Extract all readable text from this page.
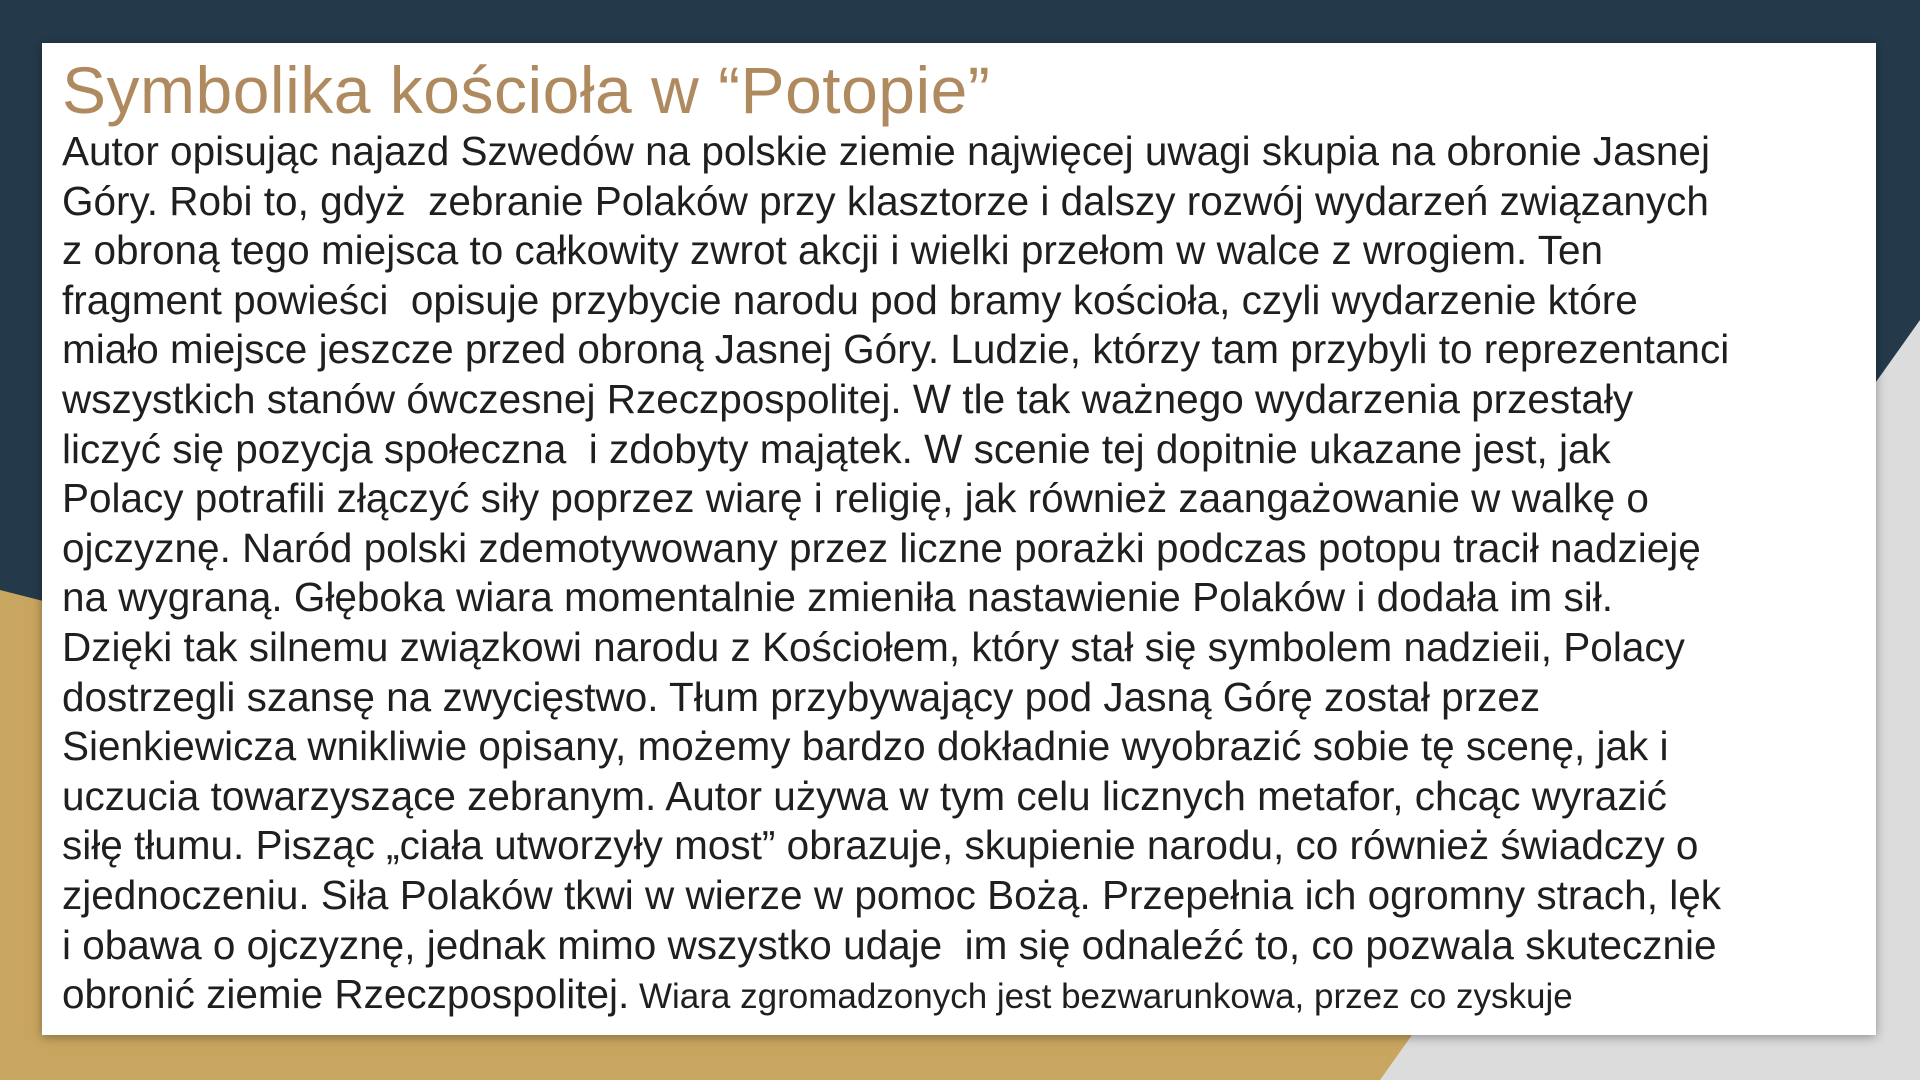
Symbolika kościoła w “Potopie”
Autor opisując najazd Szwedów na polskie ziemie najwięcej uwagi skupia na obronie Jasnej
Góry. Robi to, gdyż  zebranie Polaków przy klasztorze i dalszy rozwój wydarzeń związanych
z obroną tego miejsca to całkowity zwrot akcji i wielki przełom w walce z wrogiem. Ten
fragment powieści  opisuje przybycie narodu pod bramy kościoła, czyli wydarzenie które
miało miejsce jeszcze przed obroną Jasnej Góry. Ludzie, którzy tam przybyli to reprezentanci
wszystkich stanów ówczesnej Rzeczpospolitej. W tle tak ważnego wydarzenia przestały
liczyć się pozycja społeczna  i zdobyty majątek. W scenie tej dopitnie ukazane jest, jak
Polacy potrafili złączyć siły poprzez wiarę i religię, jak również zaangażowanie w walkę o
ojczyznę. Naród polski zdemotywowany przez liczne porażki podczas potopu tracił nadzieję
na wygraną. Głęboka wiara momentalnie zmieniła nastawienie Polaków i dodała im sił.
Dzięki tak silnemu związkowi narodu z Kościołem, który stał się symbolem nadzieii, Polacy
dostrzegli szansę na zwycięstwo. Tłum przybywający pod Jasną Górę został przez
Sienkiewicza wnikliwie opisany, możemy bardzo dokładnie wyobrazić sobie tę scenę, jak i
uczucia towarzyszące zebranym. Autor używa w tym celu licznych metafor, chcąc wyrazić
siłę tłumu. Pisząc „ciała utworzyły most” obrazuje, skupienie narodu, co również świadczy o
zjednoczeniu. Siła Polaków tkwi w wierze w pomoc Bożą. Przepełnia ich ogromny strach, lęk
i obawa o ojczyznę, jednak mimo wszystko udaje  im się odnaleźć to, co pozwala skutecznie
obronić ziemie Rzeczpospolitej. Wiara zgromadzonych jest bezwarunkowa, przez co zyskuje
